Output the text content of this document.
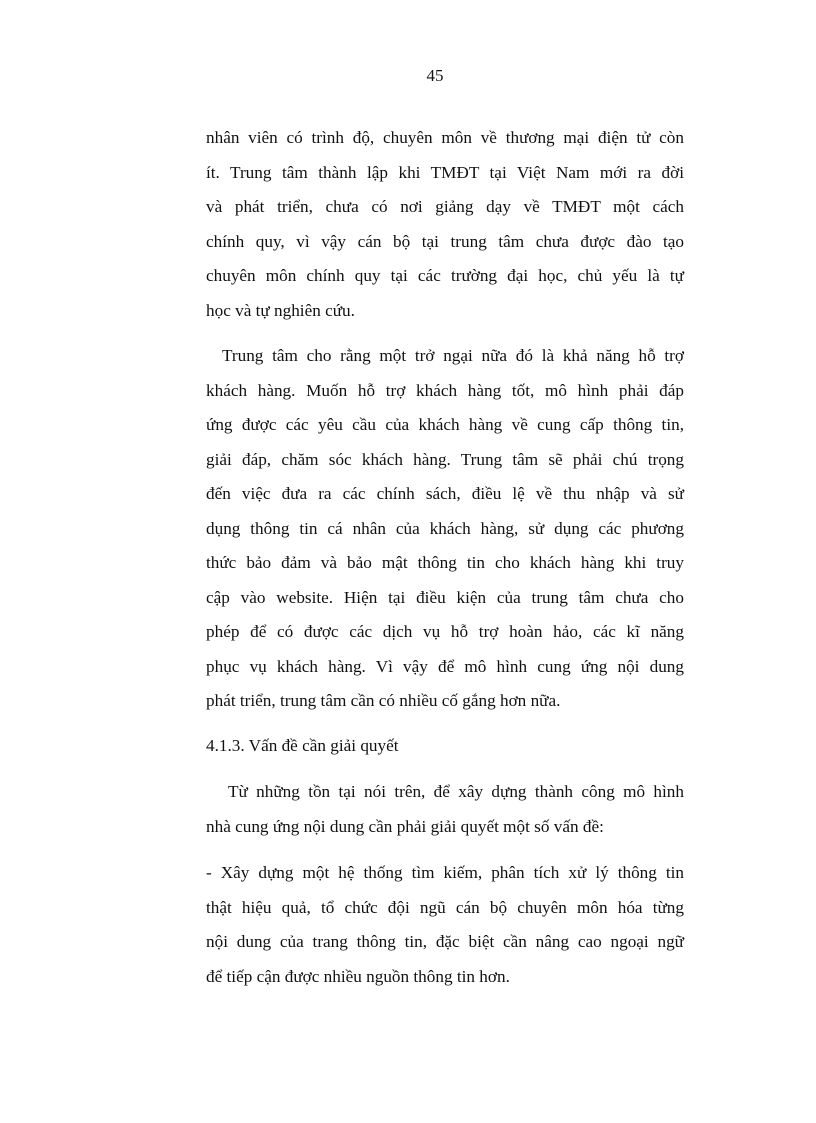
45
nhân viên có trình độ, chuyên môn về thương mại điện tử còn
ít. Trung tâm thành lập khi TMĐT tại Việt Nam mới ra đời
và phát triển, chưa có nơi giảng dạy về TMĐT một cách
chính quy, vì vậy cán bộ tại trung tâm chưa được đào tạo
chuyên môn chính quy tại các trường đại học, chủ yếu là tự
học và tự nghiên cứu.
Trung tâm cho rằng một trở ngại nữa đó là khả năng hỗ trợ
khách hàng. Muốn hỗ trợ khách hàng tốt, mô hình phải đáp
ứng được các yêu cầu của khách hàng về cung cấp thông tin,
giải đáp, chăm sóc khách hàng. Trung tâm sẽ phải chú trọng
đến việc đưa ra các chính sách, điều lệ về thu nhập và sử
dụng thông tin cá nhân của khách hàng, sử dụng các phương
thức bảo đảm và bảo mật thông tin cho khách hàng khi truy
cập vào website. Hiện tại điều kiện của trung tâm chưa cho
phép để có được các dịch vụ hỗ trợ hoàn hảo, các kĩ năng
phục vụ khách hàng. Vì vậy để mô hình cung ứng nội dung
phát triển, trung tâm cần có nhiều cố gắng hơn nữa.
4.1.3. Vấn đề cần giải quyết
Từ những tồn tại nói trên, để xây dựng thành công mô hình
nhà cung ứng nội dung cần phải giải quyết một số vấn đề:
- Xây dựng một hệ thống tìm kiếm, phân tích xử lý thông tin
thật hiệu quả, tổ chức đội ngũ cán bộ chuyên môn hóa từng
nội dung của trang thông tin, đặc biệt cần nâng cao ngoại ngữ
để tiếp cận được nhiều nguồn thông tin hơn.
